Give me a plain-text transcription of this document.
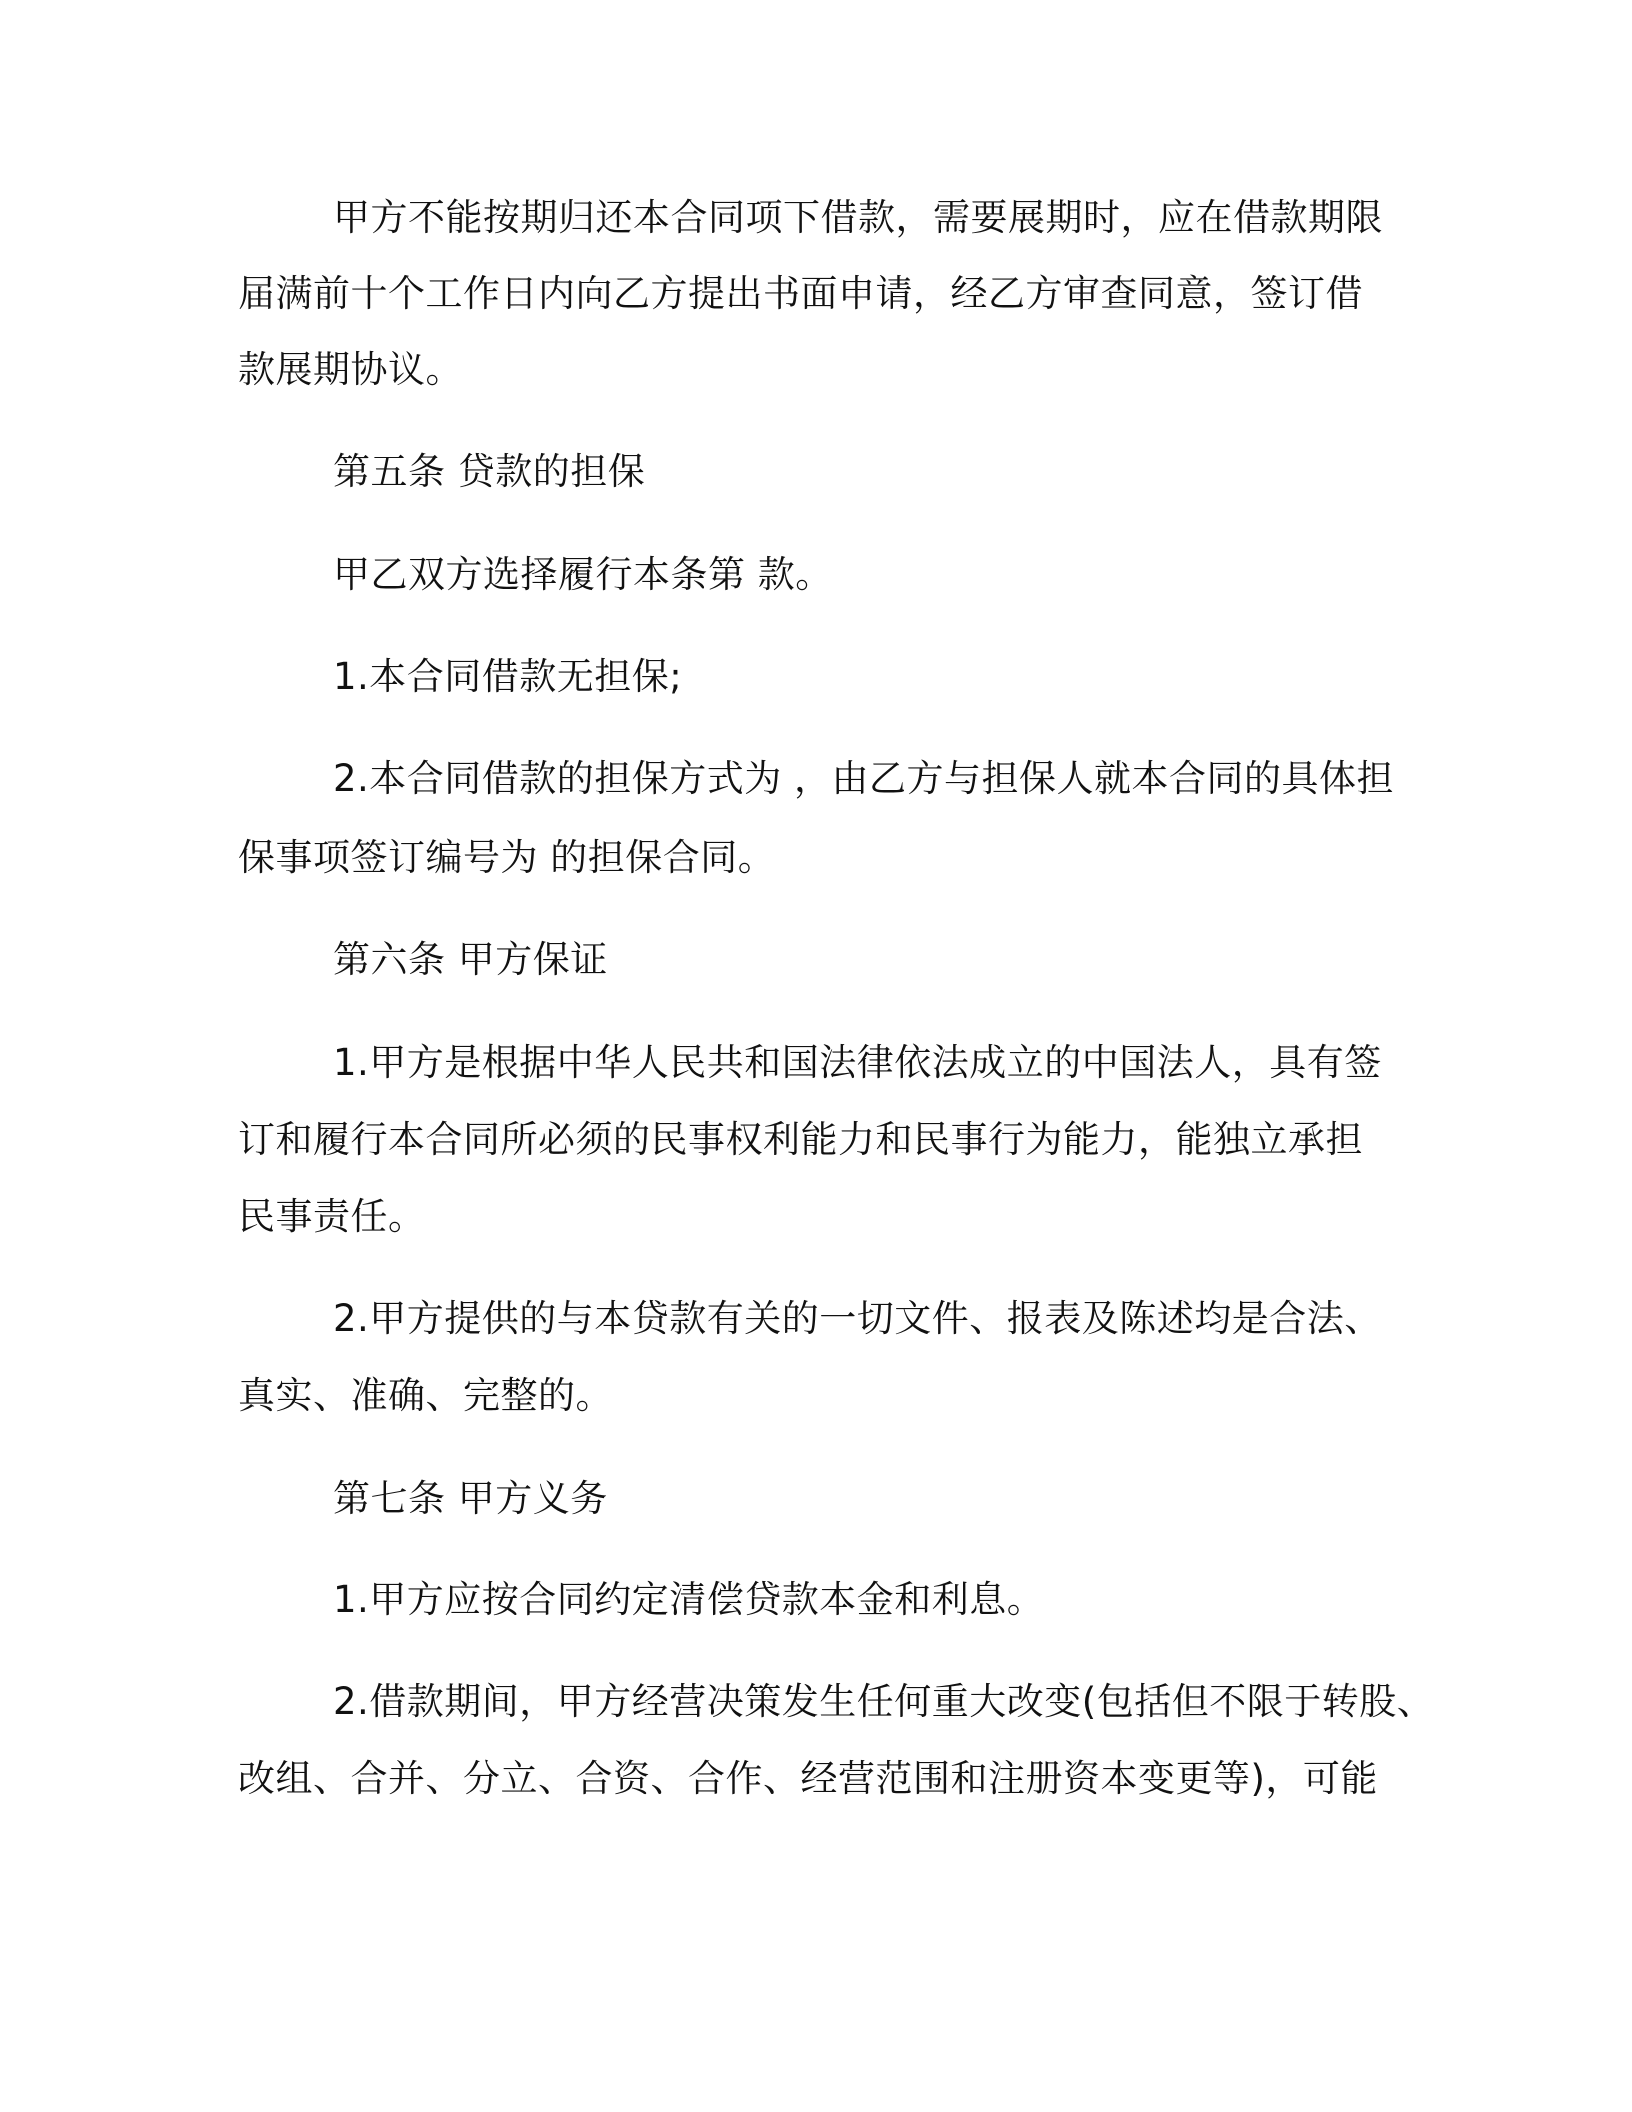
甲方不能按期归还本合同项下借款，需要展期时，应在借款期限
届满前十个工作日内向乙方提出书面申请，经乙方审查同意，签订借
款展期协议。
第五条 贷款的担保
甲乙双方选择履行本条第 款。
1.本合同借款无担保;
2.本合同借款的担保方式为 ，由乙方与担保人就本合同的具体担
保事项签订编号为 的担保合同。
第六条 甲方保证
1.甲方是根据中华人民共和国法律依法成立的中国法人，具有签
订和履行本合同所必须的民事权利能力和民事行为能力，能独立承担
民事责任。
2.甲方提供的与本贷款有关的一切文件、报表及陈述均是合法、
真实、准确、完整的。
第七条 甲方义务
1.甲方应按合同约定清偿贷款本金和利息。
2.借款期间，甲方经营决策发生任何重大改变(包括但不限于转股、
改组、合并、分立、合资、合作、经营范围和注册资本变更等)，可能
